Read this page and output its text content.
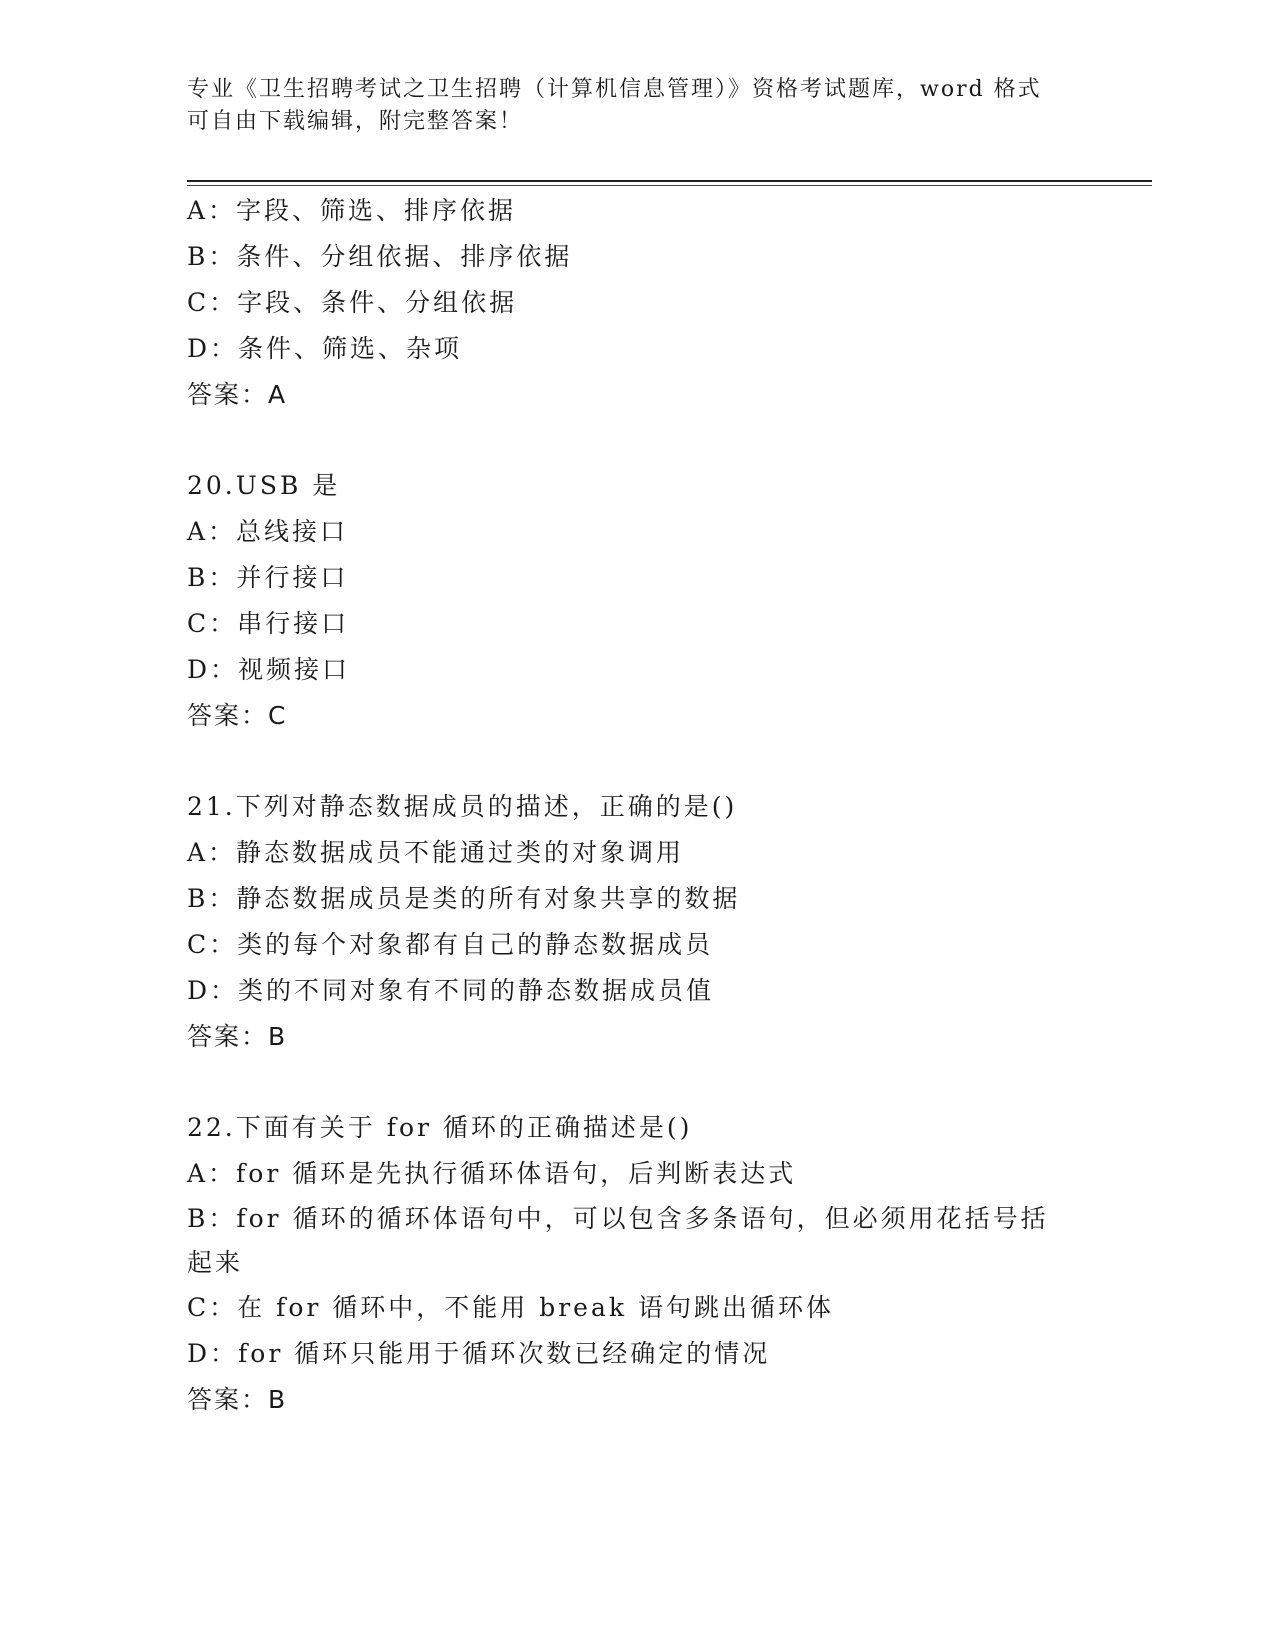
专业《卫生招聘考试之卫生招聘（计算机信息管理）》资格考试题库，word 格式
可自由下载编辑，附完整答案！
A：字段、筛选、排序依据
B：条件、分组依据、排序依据
C：字段、条件、分组依据
D：条件、筛选、杂项
答案：A
20.USB 是
A：总线接口
B：并行接口
C：串行接口
D：视频接口
答案：C
21.下列对静态数据成员的描述，正确的是()
A：静态数据成员不能通过类的对象调用
B：静态数据成员是类的所有对象共享的数据
C：类的每个对象都有自己的静态数据成员
D：类的不同对象有不同的静态数据成员值
答案：B
22.下面有关于 for 循环的正确描述是()
A：for 循环是先执行循环体语句，后判断表达式
B：for 循环的循环体语句中，可以包含多条语句，但必须用花括号括起来
C：在 for 循环中，不能用 break 语句跳出循环体
D：for 循环只能用于循环次数已经确定的情况
答案：B
